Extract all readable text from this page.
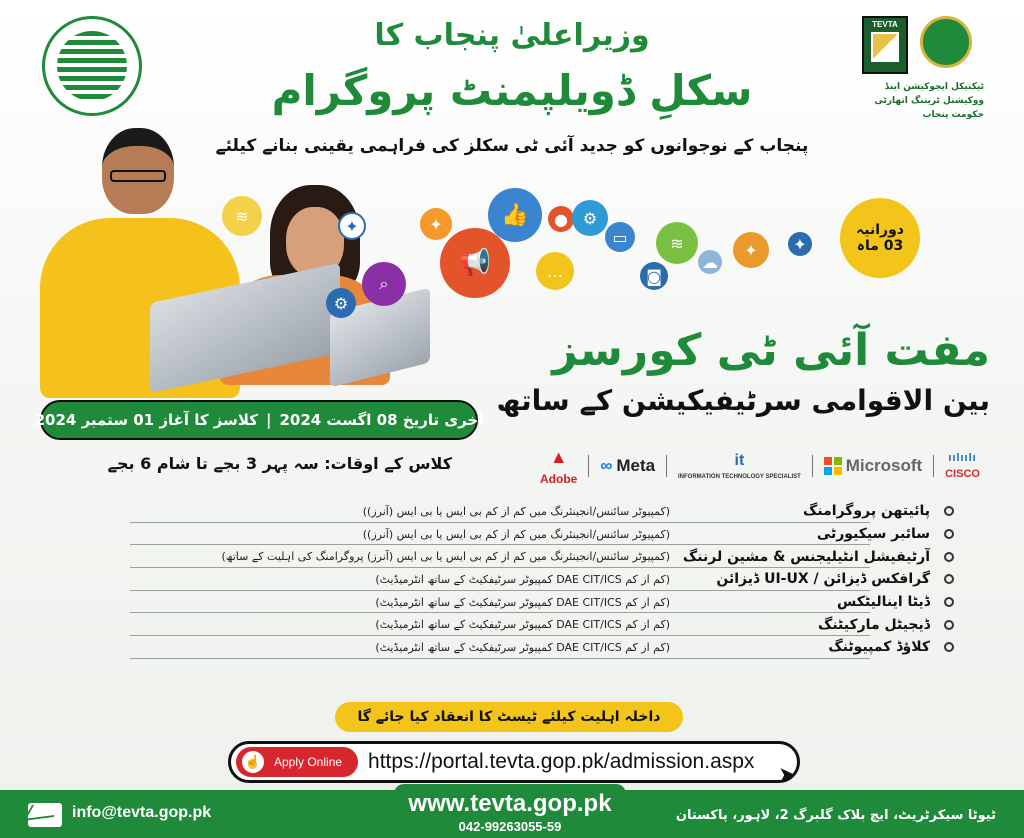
TEVTA
ٹیکنیکل ایجوکیشن اینڈ ووکیشنل ٹریننگ اتھارٹی
حکومت پنجاب
وزیراعلیٰ پنجاب کا
سکلِ ڈویلپمنٹ پروگرام
پنجاب کے نوجوانوں کو جدید آئی ٹی سکلز کی فراہمی یقینی بنانے کیلئے
≋
✦
⌕
⚙
✦
📢
👍	● ⚙
≋	✦	✦
…	◙
☁
▭	دورانیہ
03 ماہ
مفت آئی ٹی کورسز
بین الاقوامی سرٹیفیکیشن کے ساتھ
آخری تاریخ 08 اگست 2024
|
کلاسز کا آغاز 01 ستمبر 2024
کلاس کے اوقات: سہ پہر 3 بجے تا شام 6 بجے	▲
Adobe
∞ Meta	it
INFORMATION TECHNOLOGY SPECIALIST
Microsoft ıılıılı
CISCO
پائیتھن پروگرامنگ
(کمپیوٹر سائنس/انجینئرنگ میں کم از کم بی ایس یا بی ایس (آنرز))
سائبر سیکیورٹی
(کمپیوٹر سائنس/انجینئرنگ میں کم از کم بی ایس یا بی ایس (آنرز))
آرٹیفیشل انٹیلیجنس & مشین لرننگ
(کمپیوٹر سائنس/انجینئرنگ میں کم از کم بی ایس یا بی ایس (آنرز) پروگرامنگ کی اہلیت کے ساتھ)
گرافکس ڈیزائن / UI-UX ڈیزائن
(کم از کم DAE CIT/ICS کمپیوٹر سرٹیفکیٹ کے ساتھ انٹرمیڈیٹ)
ڈیٹا اینالیٹکس
(کم از کم DAE CIT/ICS کمپیوٹر سرٹیفکیٹ کے ساتھ انٹرمیڈیٹ)
ڈیجیٹل مارکیٹنگ
(کم از کم DAE CIT/ICS کمپیوٹر سرٹیفکیٹ کے ساتھ انٹرمیڈیٹ)
کلاؤڈ کمپیوٹنگ
(کم از کم DAE CIT/ICS کمپیوٹر سرٹیفکیٹ کے ساتھ انٹرمیڈیٹ)
داخلہ اہلیت کیلئے ٹیسٹ کا انعقاد کیا جائے گا
☝ Apply Online https://portal.tevta.gop.pk/admission.aspx
➤
info@tevta.gop.pk	www.tevta.gop.pk
042-99263055-59
ٹیوٹا سیکرٹریٹ، ایچ بلاک گلبرگ 2، لاہور، پاکستان
